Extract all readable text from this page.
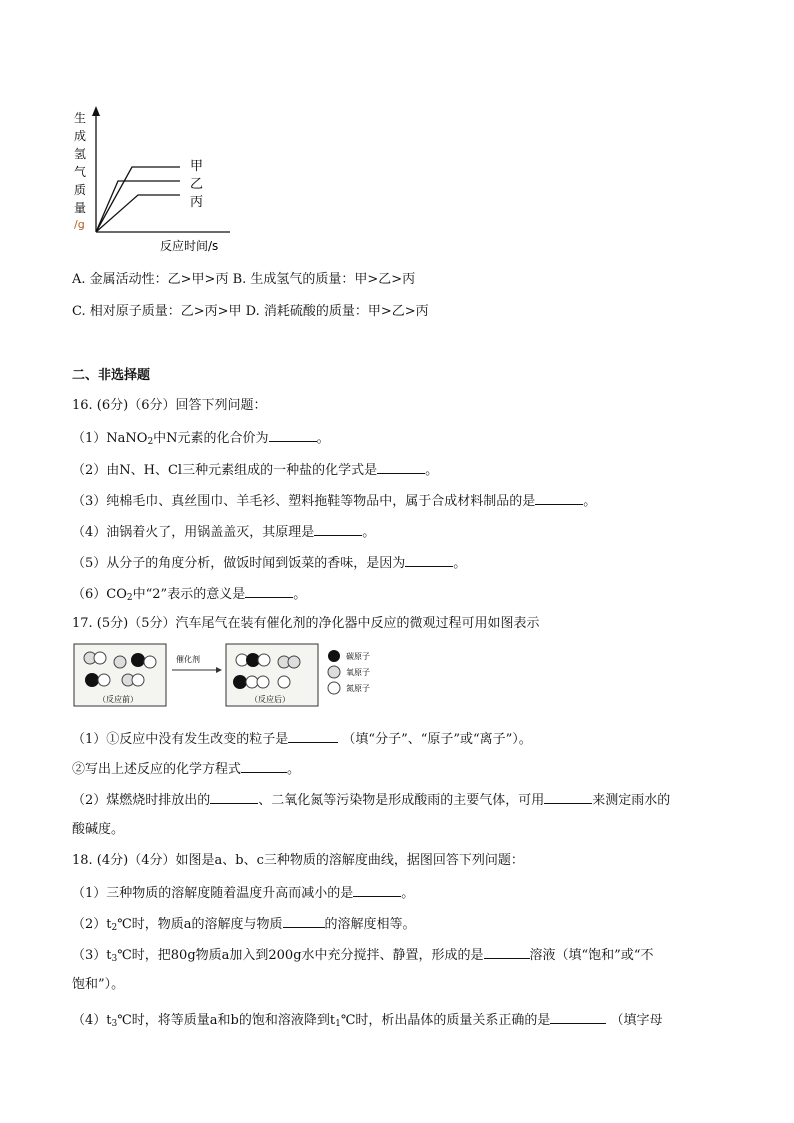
甲
乙
丙
生
成
氢
气
质
量
/g
反应时间/s
A. 金属活动性：乙>甲>丙 B. 生成氢气的质量：甲>乙>丙
C. 相对原子质量：乙>丙>甲 D. 消耗硫酸的质量：甲>乙>丙
二、非选择题
16. (6分)（6分）回答下列问题：
（1）NaNO$_2$中N元素的化合价为	。
（2）由N、H、Cl三种元素组成的一种盐的化学式是	。
（3）纯棉毛巾、真丝围巾、羊毛衫、塑料拖鞋等物品中，属于合成材料制品的是	。
（4）油锅着火了，用锅盖盖灭，其原理是	。
（5）从分子的角度分析，做饭时闻到饭菜的香味，是因为	。
$(6)CO_2$中“2”表示的意义是	。
17. (5分)（5分）汽车尾气在装有催化剂的净化器中反应的微观过程可用如图表示
（反应前）
催化剂
（反应后）
碳原子
氧原子
氮原子
（1）①反应中没有发生改变的粒子是	（填“分子”、“原子”或“离子”）。
②写出上述反应的化学方程式	。
（2）煤燃烧时排放出的	、二氧化氮等污染物是形成酸雨的主要气体，可用	来测定雨水的
酸碱度。
18. (4分)（4分）如图是a、b、c三种物质的溶解度曲线，据图回答下列问题：
（1）三种物质的溶解度随着温度升高而减小的是	。
$(2)t_2℃$时，物质a的溶解度与物质	的溶解度相等。
$(3)t_3℃$时，把80g物质a加入到200g水中充分搅拌、静置，形成的是	溶液（填“饱和”或“不
饱和”）。
$(4)t_3℃$时，将等质量a和b的饱和溶液降到$t_1℃$时，析出晶体的质量关系正确的是	（填字母
